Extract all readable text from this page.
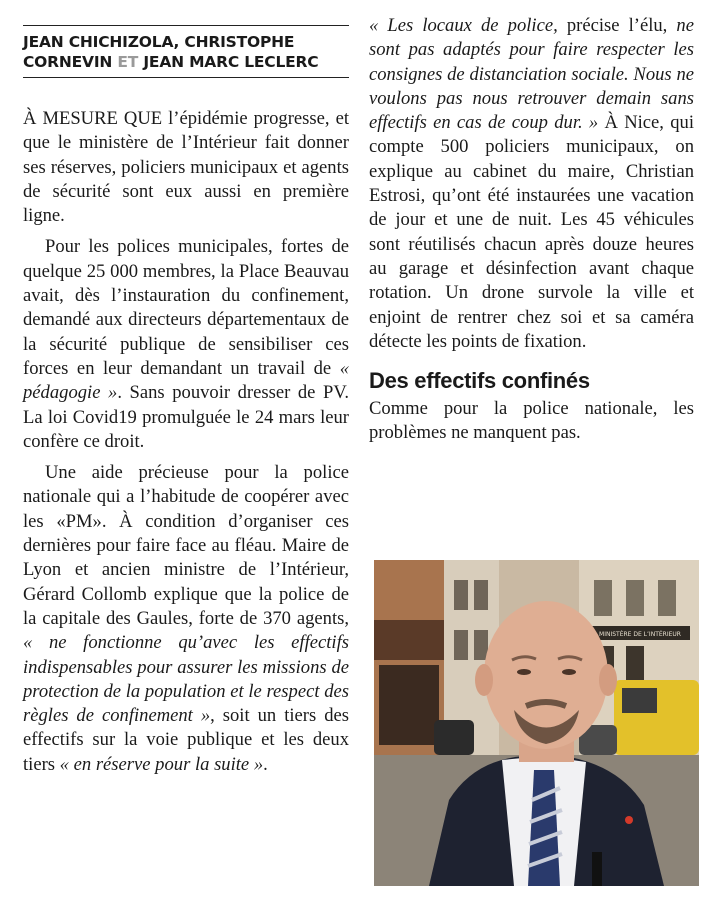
JEAN CHICHIZOLA, CHRISTOPHE
CORNEVIN ET JEAN MARC LECLERC

À MESURE QUE l’épidémie progresse, et que le ministère de l’Intérieur fait donner ses réserves, policiers municipaux et agents de sécurité sont eux aussi en première ligne.

Pour les polices municipales, fortes de quelque 25 000 membres, la Place Beauvau avait, dès l’instauration du confinement, demandé aux directeurs départementaux de la sécurité publique de sensibiliser ces forces en leur demandant un travail de « pédagogie ». Sans pouvoir dresser de PV. La loi Covid19 promulguée le 24 mars leur confère ce droit.

Une aide précieuse pour la police nationale qui a l’habitude de coopérer avec les «PM». À condition d’organiser ces dernières pour faire face au fléau. Maire de Lyon et ancien ministre de l’Intérieur, Gérard Collomb explique que la police de la capitale des Gaules, forte de 370 agents, « ne fonctionne qu’avec les effectifs indispensables pour assurer les missions de protection de la population et le respect des règles de confinement », soit un tiers des effectifs sur la voie publique et les deux tiers « en réserve pour la suite ».

« Les locaux de police, précise l’élu, ne sont pas adaptés pour faire respecter les consignes de distanciation sociale. Nous ne voulons pas nous retrouver demain sans effectifs en cas de coup dur. » À Nice, qui compte 500 policiers municipaux, on explique au cabinet du maire, Christian Estrosi, qu’ont été instaurées une vacation de jour et une de nuit. Les 45 véhicules sont réutilisés chacun après douze heures au garage et désinfection avant chaque rotation. Un drone survole la ville et enjoint de rentrer chez soi et sa caméra détecte les points de fixation.

Des effectifs confinés

Comme pour la police nationale, les problèmes ne manquent pas.

MINISTÈRE DE L’INTÉRIEUR
